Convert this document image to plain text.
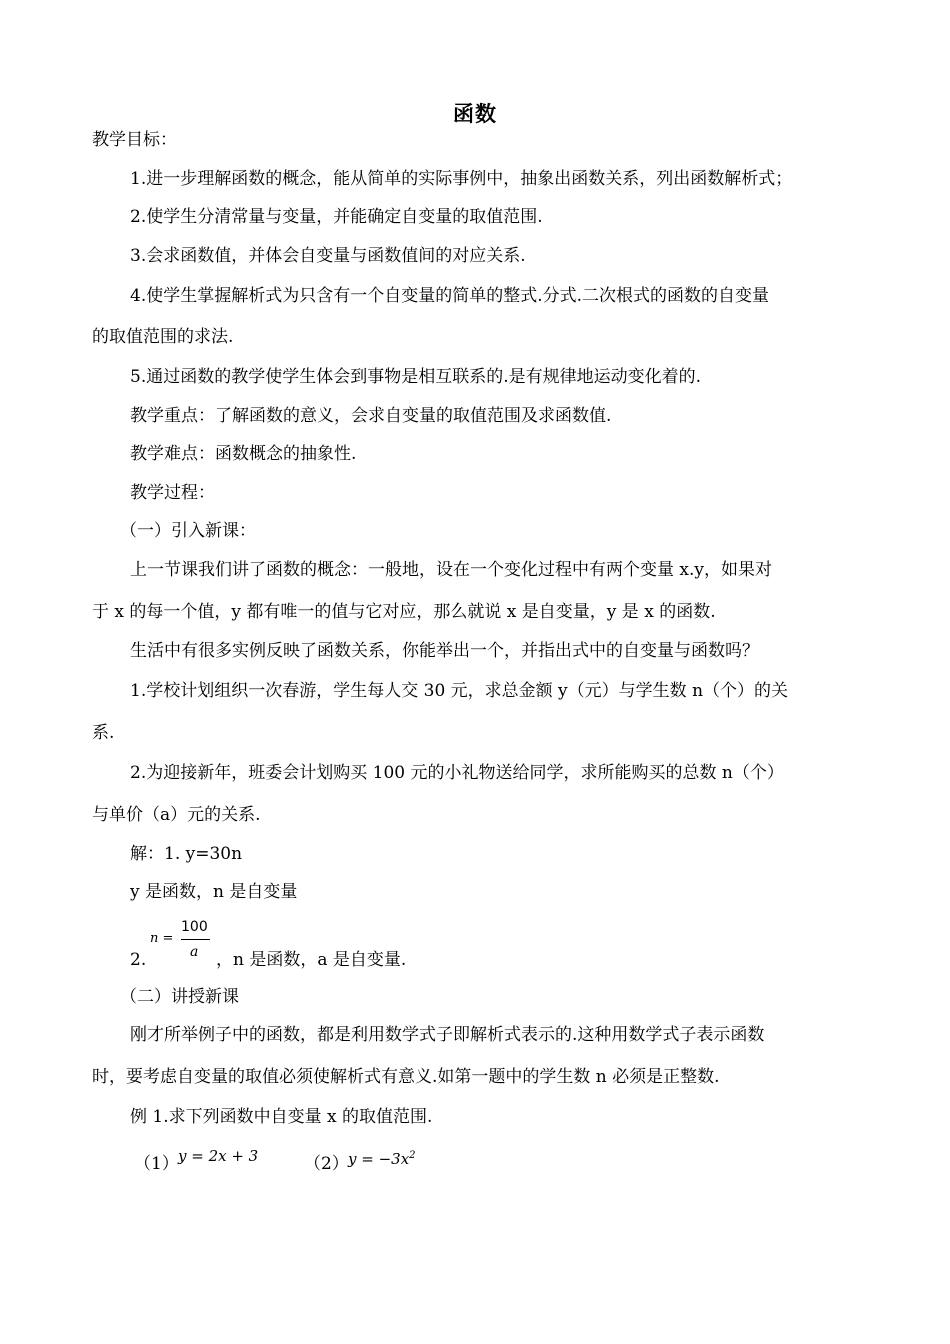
函数
教学目标：
1.进一步理解函数的概念，能从简单的实际事例中，抽象出函数关系，列出函数解析式；
2.使学生分清常量与变量，并能确定自变量的取值范围.
3.会求函数值，并体会自变量与函数值间的对应关系.
4.使学生掌握解析式为只含有一个自变量的简单的整式.分式.二次根式的函数的自变量
的取值范围的求法.
5.通过函数的教学使学生体会到事物是相互联系的.是有规律地运动变化着的.
教学重点：了解函数的意义，会求自变量的取值范围及求函数值.
教学难点：函数概念的抽象性.
教学过程：
（一）引入新课：
上一节课我们讲了函数的概念：一般地，设在一个变化过程中有两个变量 x.y，如果对
于 x 的每一个值，y 都有唯一的值与它对应，那么就说 x 是自变量，y 是 x 的函数.
生活中有很多实例反映了函数关系，你能举出一个，并指出式中的自变量与函数吗？
1.学校计划组织一次春游，学生每人交 30 元，求总金额 y（元）与学生数 n（个）的关
系.
2.为迎接新年，班委会计划购买 100 元的小礼物送给同学，求所能购买的总数 n（个）
与单价（a）元的关系.
解：1. y=30n
y 是函数，n 是自变量
2.
n =
100
a ，n 是函数，a 是自变量.
（二）讲授新课
刚才所举例子中的函数，都是利用数学式子即解析式表示的.这种用数学式子表示函数
时，要考虑自变量的取值必须使解析式有意义.如第一题中的学生数 n 必须是正整数.
例 1.求下列函数中自变量 x 的取值范围.
（1） y = 2x + 3	（2） $y = -3x^2$
